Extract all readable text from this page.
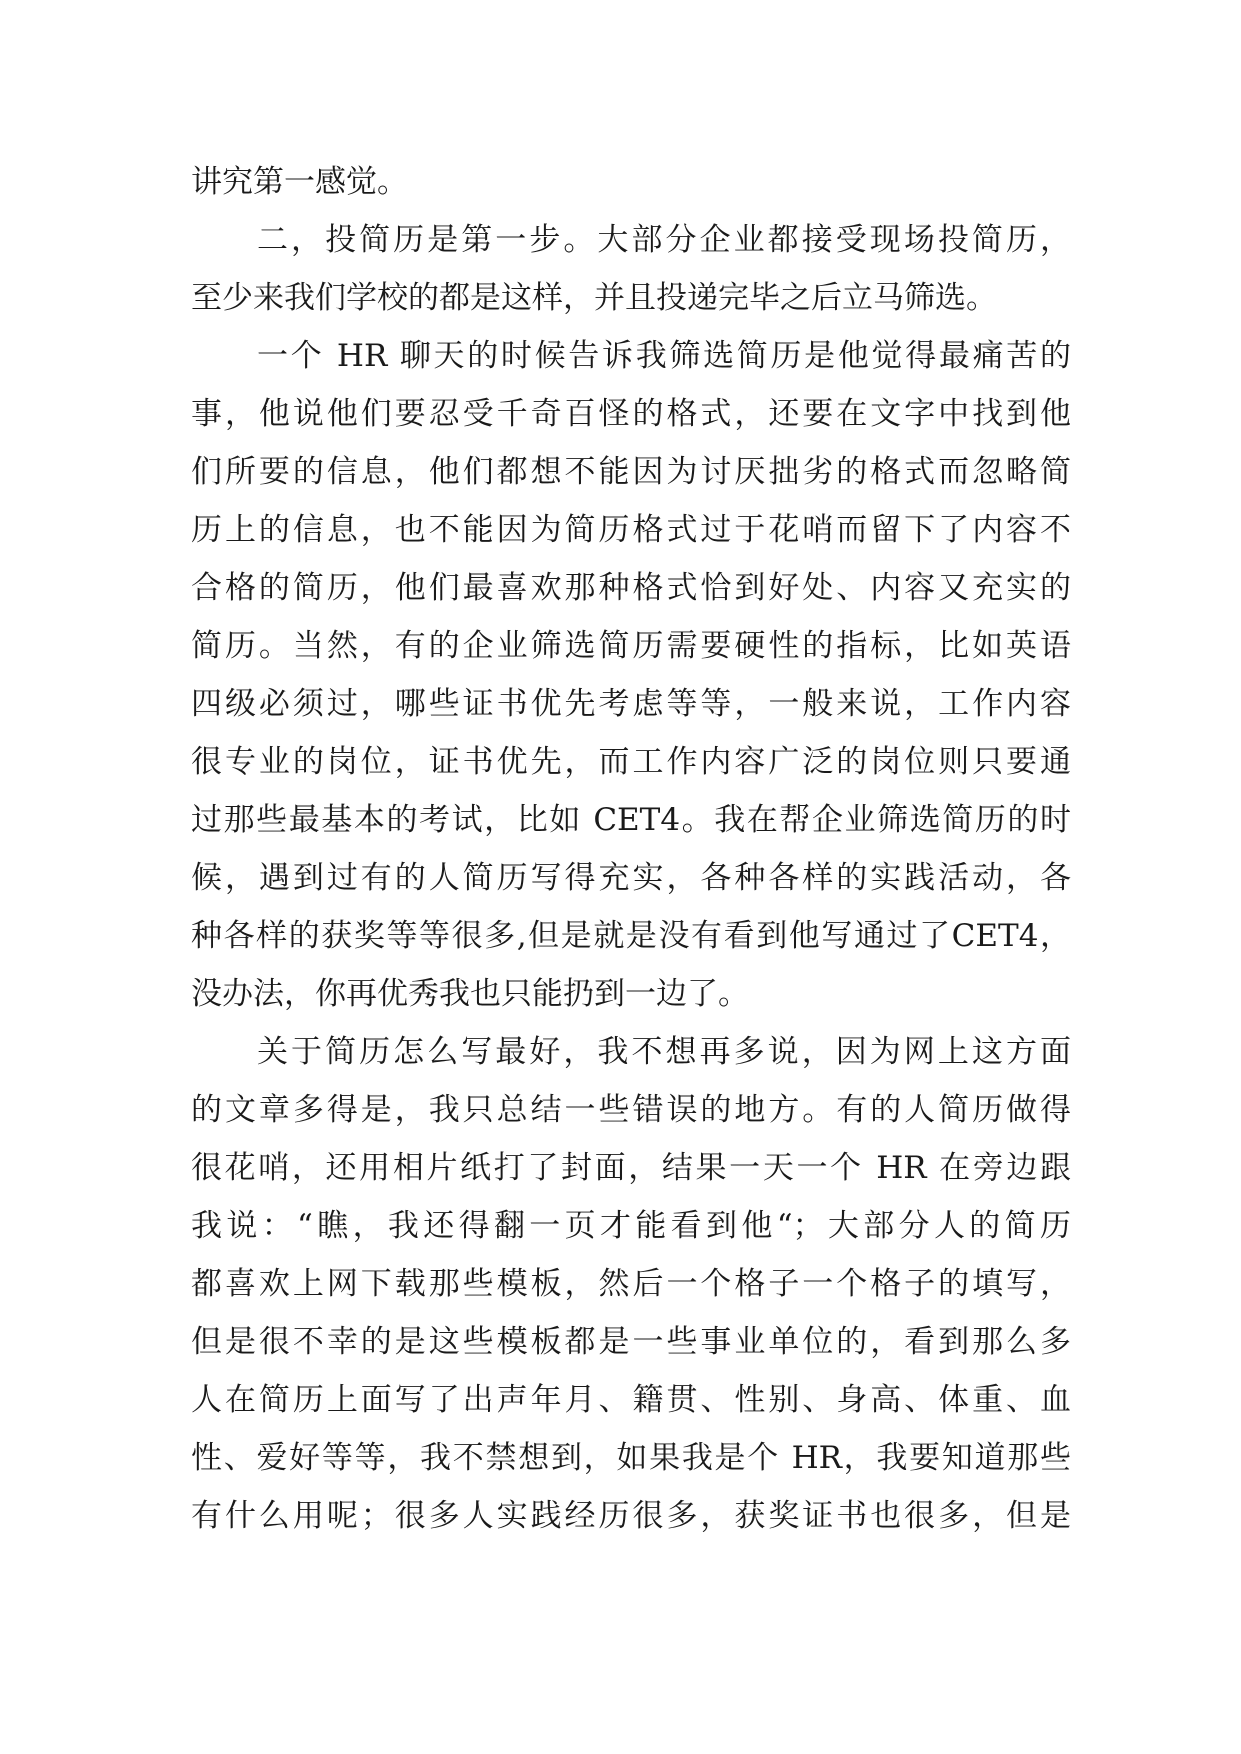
讲究第一感觉。
二，投简历是第一步。大部分企业都接受现场投简历，
至少来我们学校的都是这样，并且投递完毕之后立马筛选。
一个 HR 聊天的时候告诉我筛选简历是他觉得最痛苦的
事，他说他们要忍受千奇百怪的格式，还要在文字中找到他
们所要的信息，他们都想不能因为讨厌拙劣的格式而忽略简
历上的信息，也不能因为简历格式过于花哨而留下了内容不
合格的简历，他们最喜欢那种格式恰到好处、内容又充实的
简历。当然，有的企业筛选简历需要硬性的指标，比如英语
四级必须过，哪些证书优先考虑等等，一般来说，工作内容
很专业的岗位，证书优先，而工作内容广泛的岗位则只要通
过那些最基本的考试，比如 CET4。我在帮企业筛选简历的时
候，遇到过有的人简历写得充实，各种各样的实践活动，各
种各样的获奖等等很多,但是就是没有看到他写通过了CET4，
没办法，你再优秀我也只能扔到一边了。
关于简历怎么写最好，我不想再多说，因为网上这方面
的文章多得是，我只总结一些错误的地方。有的人简历做得
很花哨，还用相片纸打了封面，结果一天一个 HR 在旁边跟
我说：“瞧，我还得翻一页才能看到他“；大部分人的简历
都喜欢上网下载那些模板，然后一个格子一个格子的填写，
但是很不幸的是这些模板都是一些事业单位的，看到那么多
人在简历上面写了出声年月、籍贯、性别、身高、体重、血
性、爱好等等，我不禁想到，如果我是个 HR，我要知道那些
有什么用呢；很多人实践经历很多，获奖证书也很多，但是
